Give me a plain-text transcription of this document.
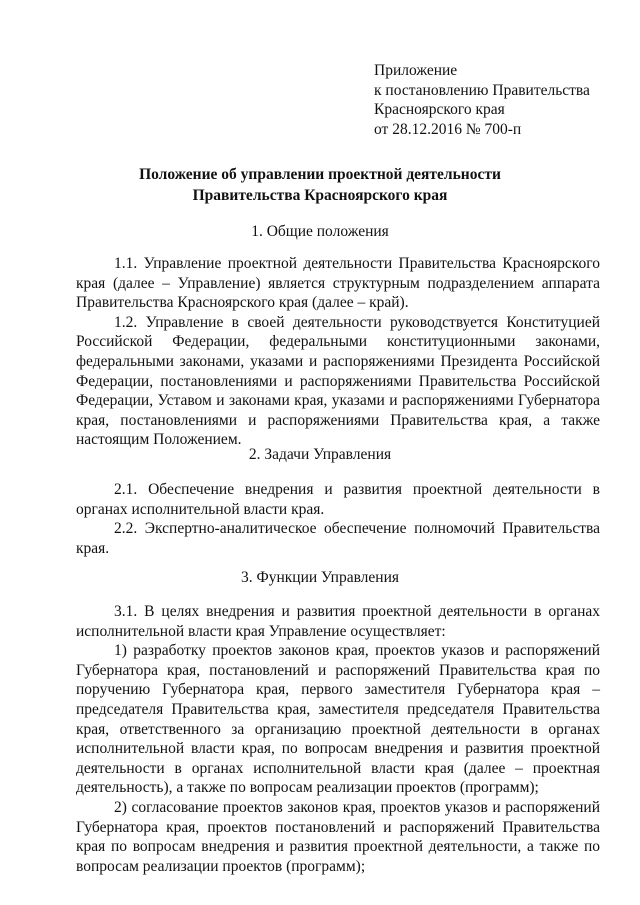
Приложение
к постановлению Правительства
Красноярского края
от 28.12.2016 № 700-п
Положение об управлении проектной деятельности
Правительства Красноярского края
1. Общие положения

1.1. Управление проектной деятельности Правительства Красноярского края (далее – Управление) является структурным подразделением аппарата Правительства Красноярского края (далее – край).

1.2. Управление в своей деятельности руководствуется Конституцией Российской Федерации, федеральными конституционными законами, федеральными законами, указами и распоряжениями Президента Российской Федерации, постановлениями и распоряжениями Правительства Российской Федерации, Уставом и законами края, указами и распоряжениями Губернатора края, постановлениями и распоряжениями Правительства края, а также настоящим Положением.

2. Задачи Управления

2.1. Обеспечение внедрения и развития проектной деятельности в органах исполнительной власти края.

2.2. Экспертно-аналитическое обеспечение полномочий Правительства края.

3. Функции Управления

3.1. В целях внедрения и развития проектной деятельности в органах исполнительной власти края Управление осуществляет:

1) разработку проектов законов края, проектов указов и распоряжений Губернатора края, постановлений и распоряжений Правительства края по поручению Губернатора края, первого заместителя Губернатора края – председателя Правительства края, заместителя председателя Правительства края, ответственного за организацию проектной деятельности в органах исполнительной власти края, по вопросам внедрения и развития проектной деятельности в органах исполнительной власти края (далее – проектная деятельность), а также по вопросам реализации проектов (программ);

2) согласование проектов законов края, проектов указов и распоряжений Губернатора края, проектов постановлений и распоряжений Правительства края по вопросам внедрения и развития проектной деятельности, а также по вопросам реализации проектов (программ);
